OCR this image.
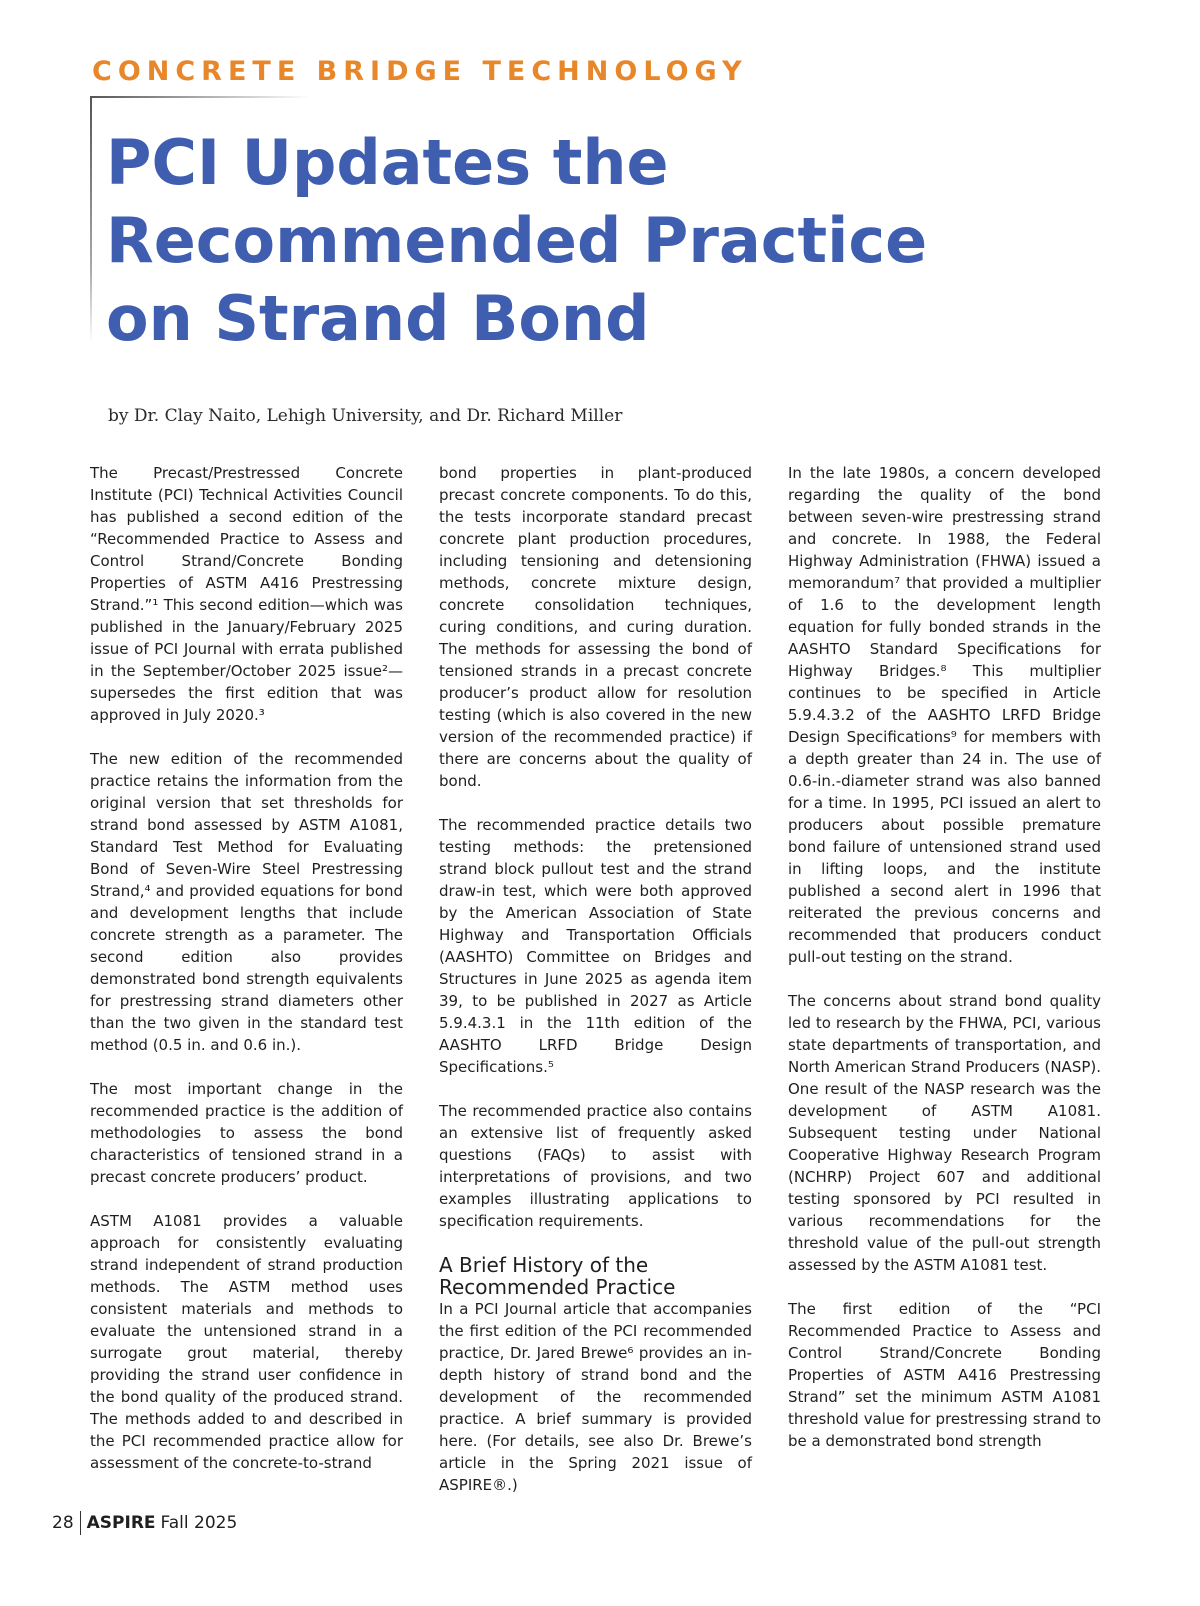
CONCRETE BRIDGE TECHNOLOGY
PCI Updates the
Recommended Practice
on Strand Bond
by Dr. Clay Naito, Lehigh University, and Dr. Richard Miller

The Precast/Prestressed Concrete Institute (PCI) Technical Activities Council has published a second edition of the “Recommended Practice to Assess and Control Strand/Concrete Bonding Properties of ASTM A416 Prestressing Strand.”¹ This second edition—which was published in the January/February 2025 issue of PCI Journal with errata published in the September/October 2025 issue²—supersedes the first edition that was approved in July 2020.³

The new edition of the recommended practice retains the information from the original version that set thresholds for strand bond assessed by ASTM A1081, Standard Test Method for Evaluating Bond of Seven-Wire Steel Prestressing Strand,⁴ and provided equations for bond and development lengths that include concrete strength as a parameter. The second edition also provides demonstrated bond strength equivalents for prestressing strand diameters other than the two given in the standard test method (0.5 in. and 0.6 in.).

The most important change in the recommended practice is the addition of methodologies to assess the bond characteristics of tensioned strand in a precast concrete producers’ product.

ASTM A1081 provides a valuable approach for consistently evaluating strand independent of strand production methods. The ASTM method uses consistent materials and methods to evaluate the untensioned strand in a surrogate grout material, thereby providing the strand user confidence in the bond quality of the produced strand. The methods added to and described in the PCI recommended practice allow for assessment of the concrete-to-strand

bond properties in plant-produced precast concrete components. To do this, the tests incorporate standard precast concrete plant production procedures, including tensioning and detensioning methods, concrete mixture design, concrete consolidation techniques, curing conditions, and curing duration. The methods for assessing the bond of tensioned strands in a precast concrete producer’s product allow for resolution testing (which is also covered in the new version of the recommended practice) if there are concerns about the quality of bond.

The recommended practice details two testing methods: the pretensioned strand block pullout test and the strand draw-in test, which were both approved by the American Association of State Highway and Transportation Officials (AASHTO) Committee on Bridges and Structures in June 2025 as agenda item 39, to be published in 2027 as Article 5.9.4.3.1 in the 11th edition of the AASHTO LRFD Bridge Design Specifications.⁵

The recommended practice also contains an extensive list of frequently asked questions (FAQs) to assist with interpretations of provisions, and two examples illustrating applications to specification requirements.

A Brief History of the Recommended Practice

In a PCI Journal article that accompanies the first edition of the PCI recommended practice, Dr. Jared Brewe⁶ provides an in-depth history of strand bond and the development of the recommended practice. A brief summary is provided here. (For details, see also Dr. Brewe’s article in the Spring 2021 issue of ASPIRE®.)

In the late 1980s, a concern developed regarding the quality of the bond between seven-wire prestressing strand and concrete. In 1988, the Federal Highway Administration (FHWA) issued a memorandum⁷ that provided a multiplier of 1.6 to the development length equation for fully bonded strands in the AASHTO Standard Specifications for Highway Bridges.⁸ This multiplier continues to be specified in Article 5.9.4.3.2 of the AASHTO LRFD Bridge Design Specifications⁹ for members with a depth greater than 24 in. The use of 0.6-in.-diameter strand was also banned for a time. In 1995, PCI issued an alert to producers about possible premature bond failure of untensioned strand used in lifting loops, and the institute published a second alert in 1996 that reiterated the previous concerns and recommended that producers conduct pull-out testing on the strand.

The concerns about strand bond quality led to research by the FHWA, PCI, various state departments of transportation, and North American Strand Producers (NASP). One result of the NASP research was the development of ASTM A1081. Subsequent testing under National Cooperative Highway Research Program (NCHRP) Project 607 and additional testing sponsored by PCI resulted in various recommendations for the threshold value of the pull-out strength assessed by the ASTM A1081 test.

The first edition of the “PCI Recommended Practice to Assess and Control Strand/Concrete Bonding Properties of ASTM A416 Prestressing Strand” set the minimum ASTM A1081 threshold value for prestressing strand to be a demonstrated bond strength

28 ASPIRE Fall 2025
